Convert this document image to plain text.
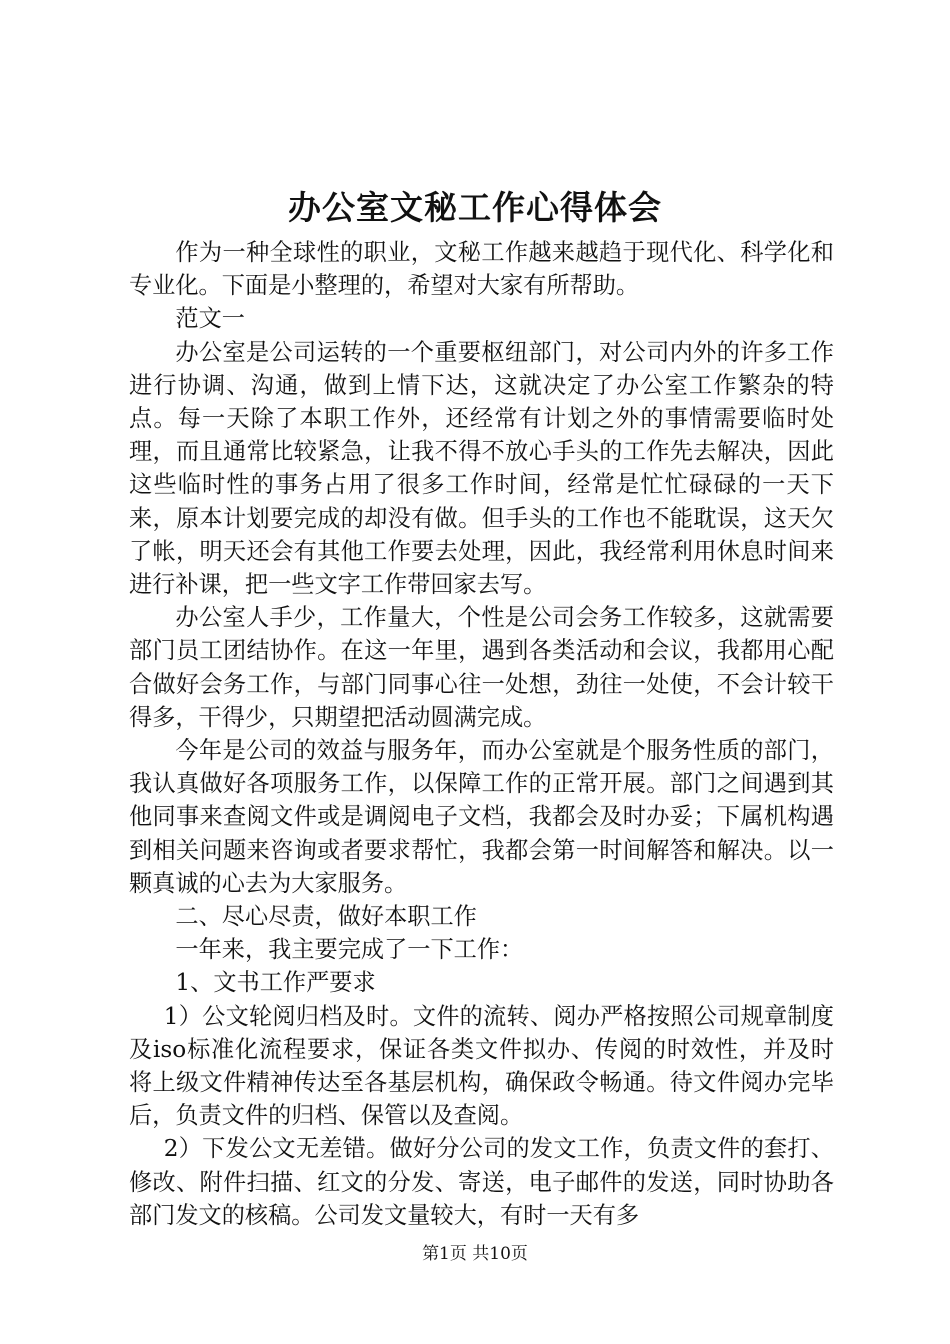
办公室文秘工作心得体会

作为一种全球性的职业，文秘工作越来越趋于现代化、科学化和专业化。下面是小整理的，希望对大家有所帮助。

范文一

办公室是公司运转的一个重要枢纽部门，对公司内外的许多工作进行协调、沟通，做到上情下达，这就决定了办公室工作繁杂的特点。每一天除了本职工作外，还经常有计划之外的事情需要临时处理，而且通常比较紧急，让我不得不放心手头的工作先去解决，因此这些临时性的事务占用了很多工作时间，经常是忙忙碌碌的一天下来，原本计划要完成的却没有做。但手头的工作也不能耽误，这天欠了帐，明天还会有其他工作要去处理，因此，我经常利用休息时间来进行补课，把一些文字工作带回家去写。

办公室人手少，工作量大，个性是公司会务工作较多，这就需要部门员工团结协作。在这一年里，遇到各类活动和会议，我都用心配合做好会务工作，与部门同事心往一处想，劲往一处使，不会计较干得多，干得少，只期望把活动圆满完成。

今年是公司的效益与服务年，而办公室就是个服务性质的部门，我认真做好各项服务工作，以保障工作的正常开展。部门之间遇到其他同事来查阅文件或是调阅电子文档，我都会及时办妥；下属机构遇到相关问题来咨询或者要求帮忙，我都会第一时间解答和解决。以一颗真诚的心去为大家服务。

二、尽心尽责，做好本职工作

一年来，我主要完成了一下工作：

1、文书工作严要求

1）公文轮阅归档及时。文件的流转、阅办严格按照公司规章制度及iso标准化流程要求，保证各类文件拟办、传阅的时效性，并及时将上级文件精神传达至各基层机构，确保政令畅通。待文件阅办完毕后，负责文件的归档、保管以及查阅。

2）下发公文无差错。做好分公司的发文工作，负责文件的套打、修改、附件扫描、红文的分发、寄送，电子邮件的发送，同时协助各部门发文的核稿。公司发文量较大，有时一天有多

第1页 共10页
